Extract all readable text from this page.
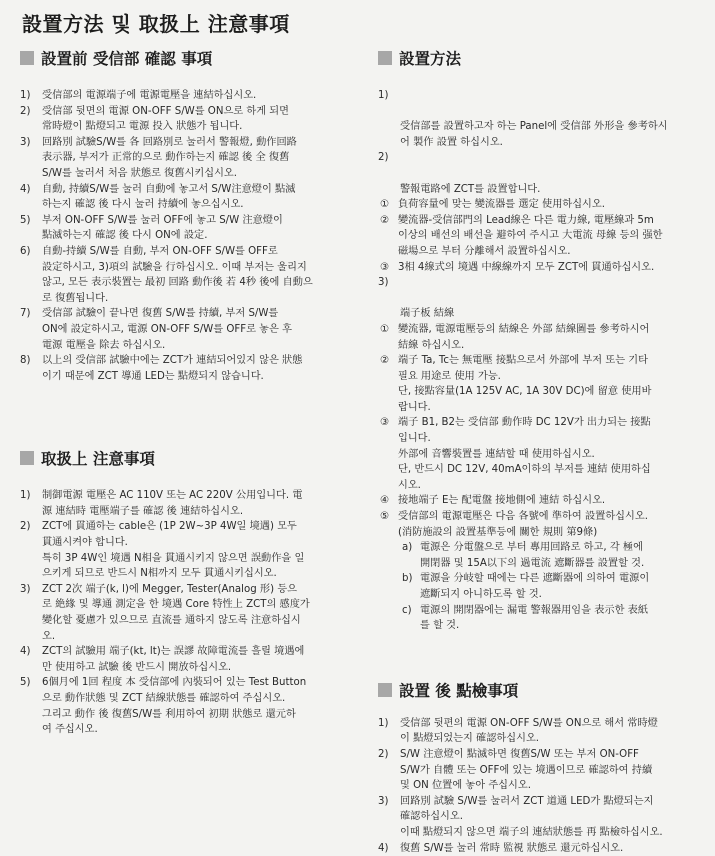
設置方法 및 取扱上 注意事項
設置前 受信部 確認 事項
1) 受信部의 電源端子에 電源電壓을 連結하십시오.
2) 受信部 뒷면의 電源 ON-OFF S/W를 ON으로 하게 되면
常時燈이 點燈되고 電源 投入 狀態가 됩니다.
3) 回路別 試驗S/W를 各 回路別로 눌러서 警報燈, 動作回路
表示器, 부저가 正常的으로 動作하는지 確認 後 全 復舊
S/W를 눌러서 처음 狀態로 復舊시키십시오.
4) 自動, 持續S/W를 눌러 自動에 놓고서 S/W注意燈이 點滅
하는지 確認 後 다시 눌러 持續에 놓으십시오.
5) 부저 ON-OFF S/W를 눌러 OFF에 놓고 S/W 注意燈이
點滅하는지 確認 後 다시 ON에 設定.
6) 自動-持續 S/W를 自動, 부저 ON-OFF S/W를 OFF로
設定하시고, 3)項의 試驗을 行하십시오. 이때 부저는 울리지
않고, 모든 表示裝置는 最初 回路 動作後 若 4秒 後에 自動으
로 復舊됩니다.
7) 受信部 試驗이 끝나면 復舊 S/W를 持續, 부저 S/W를
ON에 設定하시고, 電源 ON-OFF S/W를 OFF로 놓은 후
電源 電壓을 除去 하십시오.
8) 以上의 受信部 試驗中에는 ZCT가 連結되어있지 않은 狀態
이기 때문에 ZCT 導通 LED는 點燈되지 않습니다.
取扱上 注意事項
1) 制御電源 電壓은 AC 110V 또는 AC 220V 公用입니다. 電
源 連結時 電壓端子를 確認 後 連結하십시오.
2) ZCT에 貫通하는 cable은 (1P 2W~3P 4W일 境遇) 모두
貫通시켜야 합니다.
특히 3P 4W인 境遇 N相을 貫通시키지 않으면 誤動作을 일
으키게 되므로 반드시 N相까지 모두 貫通시키십시오.
3) ZCT 2次 端子(k, l)에 Megger, Tester(Analog 形) 등으
로 絶緣 및 導通 測定을 한 境遇 Core 特性上 ZCT의 感度가
變化할 憂慮가 있으므로 直流를 通하지 않도록 注意하십시
오.
4) ZCT의 試驗用 端子(kt, lt)는 誤謬 故障電流를 흘릴 境遇에
만 使用하고 試驗 後 반드시 開放하십시오.
5) 6個月에 1回 程度 本 受信部에 內裝되어 있는 Test Button
으로 動作狀態 및 ZCT 結線狀態를 確認하여 주십시오.
그리고 動作 後 復舊S/W를 利用하여 初期 狀態로 還元하
여 주십시오.
設置方法

1)

受信部를 設置하고자 하는 Panel에 受信部 外形을 參考하시
어 製作 設置 하십시오.

2)

警報電路에 ZCT를 設置합니다.

① 負荷容量에 맞는 變流器를 選定 使用하십시오.
② 變流器-受信部門의 Lead線은 다른 電力線, 電壓線과 5m
이상의 배선의 배선을 避하여 주시고 大電流 母線 등의 强한
磁場으로 부터 分離해서 設置하십시오.
③ 3相 4線式의 境遇 中線線까지 모두 ZCT에 貫通하십시오.

3)

端子板 結線

① 變流器, 電源電壓등의 結線은 外部 結線圖를 參考하시어
結線 하십시오.
② 端子 Ta, Tc는 無電壓 接點으로서 外部에 부저 또는 기타
필요 用途로 使用 가능.
단, 接點容量(1A 125V AC, 1A 30V DC)에 留意 使用바
랍니다.
③ 端子 B1, B2는 受信部 動作時 DC 12V가 出力되는 接點
입니다.
外部에 音響裝置를 連結할 때 使用하십시오.
단, 반드시 DC 12V, 40mA이하의 부저를 連結 使用하십
시오.
④ 接地端子 E는 配電盤 接地側에 連結 하십시오.
⑤ 受信部의 電源電壓은 다음 各號에 準하여 設置하십시오.
(消防施設의 設置基準등에 關한 規則 第9條)
a) 電源은 分電盤으로 부터 專用回路로 하고, 각 極에
開閉器 및 15A以下의 過電流 遮斷器를 設置할 것.
b) 電源을 分岐할 때에는 다른 遮斷器에 의하여 電源이
遮斷되지 아니하도록 할 것.
c) 電源의 開閉器에는 漏電 警報器用임을 表示한 表紙
를 할 것.
設置 後 點檢事項
1) 受信部 뒷편의 電源 ON-OFF S/W를 ON으로 해서 常時燈
이 點燈되었는지 確認하십시오.
2) S/W 注意燈이 點滅하면 復舊S/W 또는 부저 ON-OFF
S/W가 自體 또는 OFF에 있는 境遇이므로 確認하여 持續
및 ON 位置에 놓아 주십시오.
3) 回路別 試驗 S/W를 눌러서 ZCT 道通 LED가 點燈되는지
確認하십시오.
이때 點燈되지 않으면 端子의 連結狀態를 再 點檢하십시오.
4) 復舊 S/W를 눌러 常時 監視 狀態로 還元하십시오.
